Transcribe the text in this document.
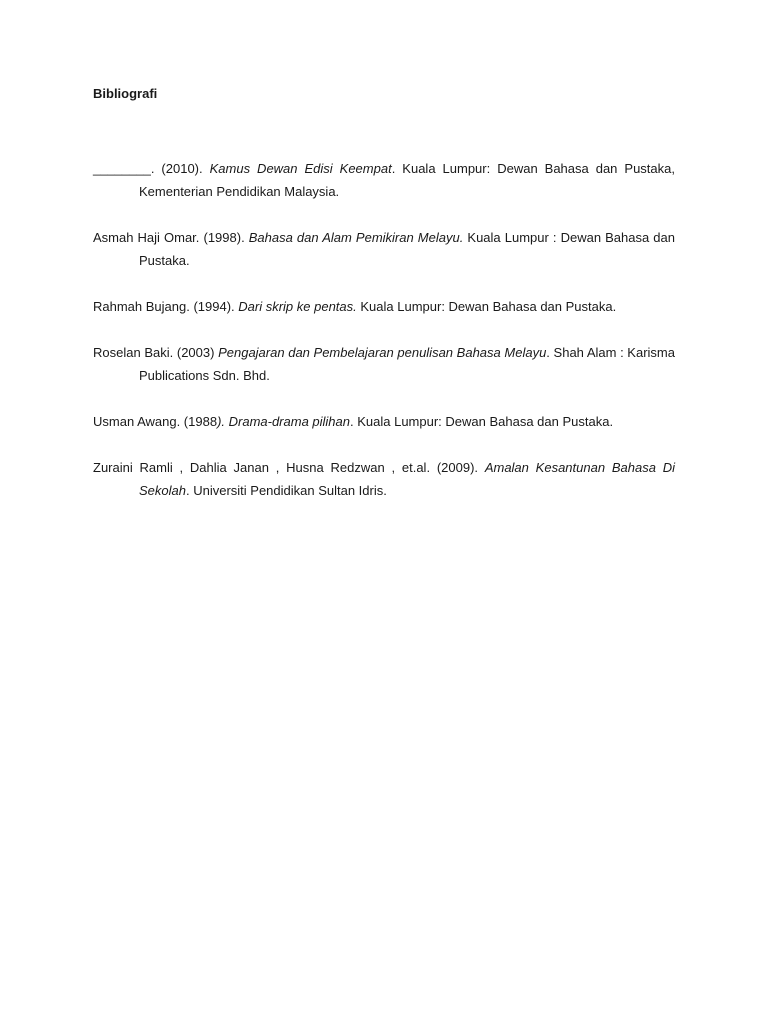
Bibliografi

________. (2010). Kamus Dewan Edisi Keempat. Kuala Lumpur: Dewan Bahasa dan Pustaka, Kementerian Pendidikan Malaysia.

Asmah Haji Omar. (1998). Bahasa dan Alam Pemikiran Melayu. Kuala Lumpur : Dewan Bahasa dan Pustaka.

Rahmah Bujang. (1994). Dari skrip ke pentas. Kuala Lumpur: Dewan Bahasa dan Pustaka.

Roselan Baki. (2003) Pengajaran dan Pembelajaran penulisan Bahasa Melayu. Shah Alam : Karisma Publications Sdn. Bhd.

Usman Awang. (1988). Drama-drama pilihan. Kuala Lumpur: Dewan Bahasa dan Pustaka.

Zuraini Ramli , Dahlia Janan , Husna Redzwan , et.al. (2009). Amalan Kesantunan Bahasa Di Sekolah. Universiti Pendidikan Sultan Idris.
